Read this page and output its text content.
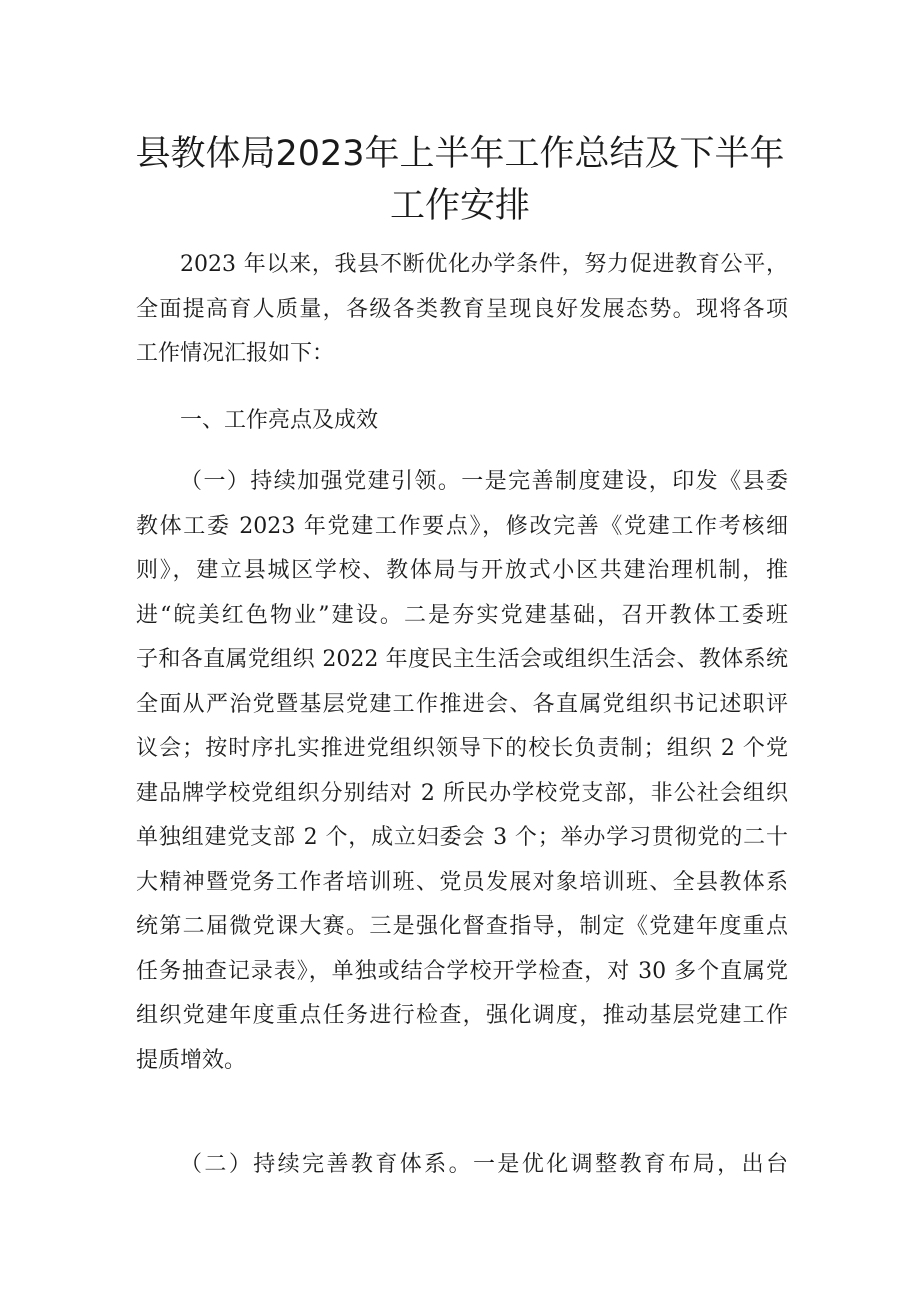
县教体局2023年上半年工作总结及下半年
工作安排
2023 年以来，我县不断优化办学条件，努力促进教育公平，
全面提高育人质量，各级各类教育呈现良好发展态势。现将各项
工作情况汇报如下：
一、工作亮点及成效
（一）持续加强党建引领。一是完善制度建设，印发《县委
教体工委 2023 年党建工作要点》，修改完善《党建工作考核细
则》，建立县城区学校、教体局与开放式小区共建治理机制，推
进“皖美红色物业”建设。二是夯实党建基础，召开教体工委班
子和各直属党组织 2022 年度民主生活会或组织生活会、教体系统
全面从严治党暨基层党建工作推进会、各直属党组织书记述职评
议会；按时序扎实推进党组织领导下的校长负责制；组织 2 个党
建品牌学校党组织分别结对 2 所民办学校党支部，非公社会组织
单独组建党支部 2 个，成立妇委会 3 个；举办学习贯彻党的二十
大精神暨党务工作者培训班、党员发展对象培训班、全县教体系
统第二届微党课大赛。三是强化督查指导，制定《党建年度重点
任务抽查记录表》，单独或结合学校开学检查，对 30 多个直属党
组织党建年度重点任务进行检查，强化调度，推动基层党建工作
提质增效。
（二）持续完善教育体系。一是优化调整教育布局，出台
